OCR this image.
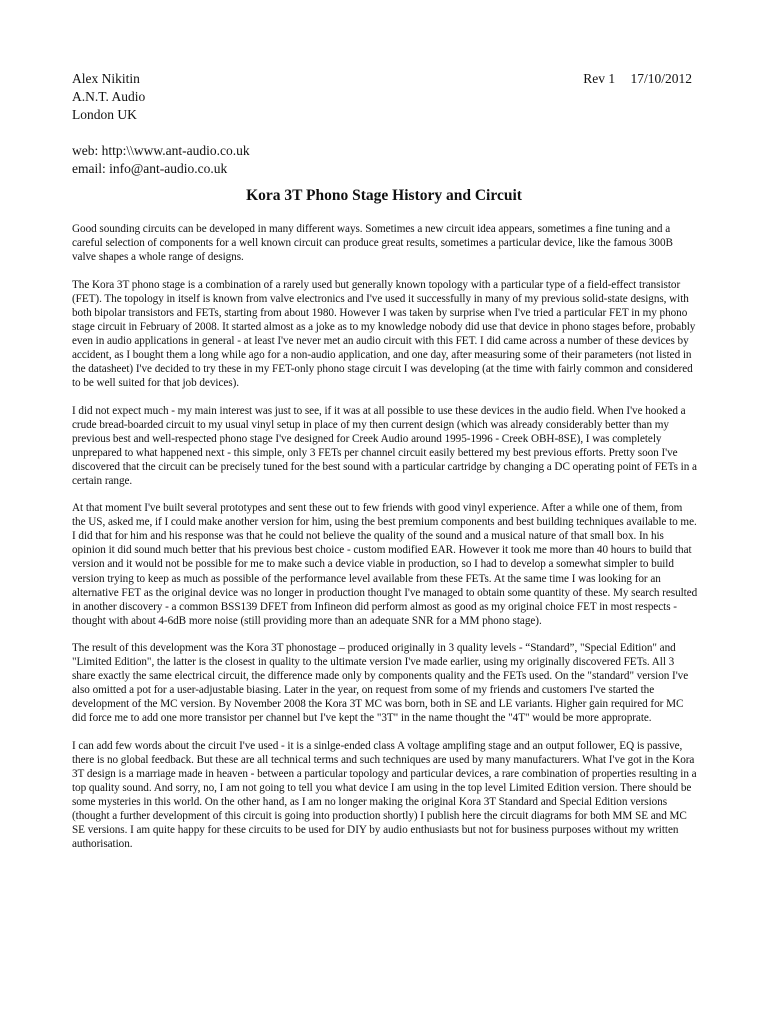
Alex Nikitin
A.N.T. Audio
London UK
web: http:\\www.ant-audio.co.uk
email: info@ant-audio.co.uk
Rev 1 17/10/2012
Kora 3T Phono Stage History and Circuit

Good sounding circuits can be developed in many different ways. Sometimes a new circuit idea appears, sometimes a fine tuning and a careful selection of components for a well known circuit can produce great results, sometimes a particular device, like the famous 300B valve shapes a whole range of designs.

The Kora 3T phono stage is a combination of a rarely used but generally known topology with a particular type of a field-effect transistor (FET). The topology in itself is known from valve electronics and I've used it successfully in many of my previous solid-state designs, with both bipolar transistors and FETs, starting from about 1980. However I was taken by surprise when I've tried a particular FET in my phono stage circuit in February of 2008. It started almost as a joke as to my knowledge nobody did use that device in phono stages before, probably even in audio applications in general - at least I've never met an audio circuit with this FET. I did came across a number of these devices by accident, as I bought them a long while ago for a non-audio application, and one day, after measuring some of their parameters (not listed in the datasheet) I've decided to try these in my FET-only phono stage circuit I was developing (at the time with fairly common and considered to be well suited for that job devices).

I did not expect much - my main interest was just to see, if it was at all possible to use these devices in the audio field. When I've hooked a crude bread-boarded circuit to my usual vinyl setup in place of my then current design (which was already considerably better than my previous best and well-respected phono stage I've designed for Creek Audio around 1995-1996 - Creek OBH-8SE), I was completely unprepared to what happened next - this simple, only 3 FETs per channel circuit easily bettered my best previous efforts. Pretty soon I've discovered that the circuit can be precisely tuned for the best sound with a particular cartridge by changing a DC operating point of FETs in a certain range.

At that moment I've built several prototypes and sent these out to few friends with good vinyl experience. After a while one of them, from the US, asked me, if I could make another version for him, using the best premium components and best building techniques available to me. I did that for him and his response was that he could not believe the quality of the sound and a musical nature of that small box. In his opinion it did sound much better that his previous best choice - custom modified EAR. However it took me more than 40 hours to build that version and it would not be possible for me to make such a device viable in production, so I had to develop a somewhat simpler to build version trying to keep as much as possible of the performance level available from these FETs. At the same time I was looking for an alternative FET as the original device was no longer in production thought I've managed to obtain some quantity of these. My search resulted in another discovery - a common BSS139 DFET from Infineon did perform almost as good as my original choice FET in most respects - thought with about 4-6dB more noise (still providing more than an adequate SNR for a MM phono stage).

The result of this development was the Kora 3T phonostage – produced originally in 3 quality levels - “Standard”, "Special Edition" and "Limited Edition", the latter is the closest in quality to the ultimate version I've made earlier, using my originally discovered FETs. All 3 share exactly the same electrical circuit, the difference made only by components quality and the FETs used. On the "standard" version I've also omitted a pot for a user-adjustable biasing. Later in the year, on request from some of my friends and customers I've started the development of the MC version. By November 2008 the Kora 3T MC was born, both in SE and LE variants. Higher gain required for MC did force me to add one more transistor per channel but I've kept the "3T" in the name thought the "4T" would be more approprate.

I can add few words about the circuit I've used - it is a sinlge-ended class A voltage amplifing stage and an output follower, EQ is passive, there is no global feedback. But these are all technical terms and such techniques are used by many manufacturers. What I've got in the Kora 3T design is a marriage made in heaven - between a particular topology and particular devices, a rare combination of properties resulting in a top quality sound. And sorry, no, I am not going to tell you what device I am using in the top level Limited Edition version. There should be some mysteries in this world. On the other hand, as I am no longer making the original Kora 3T Standard and Special Edition versions (thought a further development of this circuit is going into production shortly) I publish here the circuit diagrams for both MM SE and MC SE versions. I am quite happy for these circuits to be used for DIY by audio enthusiasts but not for business purposes without my written authorisation.
